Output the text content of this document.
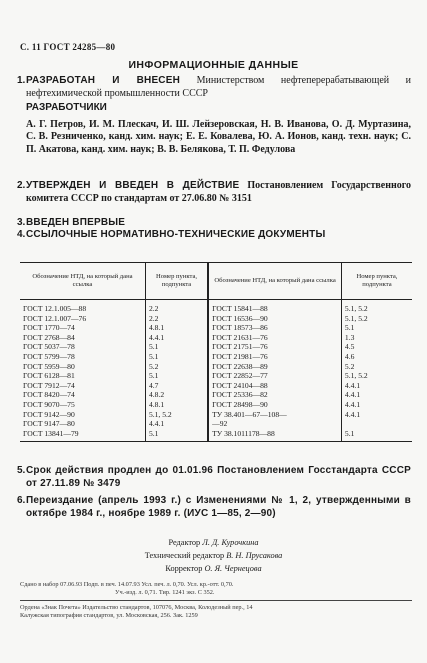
С. 11 ГОСТ 24285—80
ИНФОРМАЦИОННЫЕ ДАННЫЕ
1. РАЗРАБОТАН И ВНЕСЕН Министерством нефтеперерабатывающей и нефтехимической промышленности СССР
РАЗРАБОТЧИКИ
А. Г. Петров, И. М. Плескач, И. Ш. Лейзеровская, Н. В. Иванова, О. Д. Муртазина, С. В. Резниченко, канд. хим. наук; Е. Е. Ковалева, Ю. А. Ионов, канд. техн. наук; С. П. Акатова, канд. хим. наук; В. В. Белякова, Т. П. Федулова
2. УТВЕРЖДЕН И ВВЕДЕН В ДЕЙСТВИЕ Постановлением Государственного комитета СССР по стандартам от 27.06.80 № 3151
3. ВВЕДЕН ВПЕРВЫЕ
4. ССЫЛОЧНЫЕ НОРМАТИВНО-ТЕХНИЧЕСКИЕ ДОКУМЕНТЫ
Обозначение НТД, на который дана ссылка	Номер пункта, подпункта	Обозначение НТД, на который дана ссылка	Номер пункта, подпункта
ГОСТ 12.1.005—88	2.2	ГОСТ 15841—88	5.1, 5.2
ГОСТ 12.1.007—76	2.2	ГОСТ 16536—90	5.1, 5.2
ГОСТ 1770—74	4.8.1	ГОСТ 18573—86	5.1
ГОСТ 2768—84	4.4.1	ГОСТ 21631—76	1.3
ГОСТ 5037—78	5.1	ГОСТ 21751—76	4.5
ГОСТ 5799—78	5.1	ГОСТ 21981—76	4.6
ГОСТ 5959—80	5.2	ГОСТ 22638—89	5.2
ГОСТ 6128—81	5.1	ГОСТ 22852—77	5.1, 5.2
ГОСТ 7912—74	4.7	ГОСТ 24104—88	4.4.1
ГОСТ 8420—74	4.8.2	ГОСТ 25336—82	4.4.1
ГОСТ 9070—75	4.8.1	ГОСТ 28498—90	4.4.1
ГОСТ 9142—90	5.1, 5.2	ТУ 38.401—67—108—	4.4.1
ГОСТ 9147—80	4.4.1	—92	
ГОСТ 13841—79	5.1	ТУ 38.1011178—88	5.1
5. Срок действия продлен до 01.01.96 Постановлением Госстандарта СССР от 27.11.89 № 3479
6. Переиздание (апрель 1993 г.) с Изменениями № 1, 2, утвержденными в октябре 1984 г., ноябре 1989 г. (ИУС 1—85, 2—90)
Редактор Л. Д. Курочкина
Технический редактор В. Н. Прусакова
Корректор О. Я. Чернецова
Сдано в набор 07.06.93 Подп. в печ. 14.07.93 Усл. печ. л. 0,70. Усл. кр.-отт. 0,70.
Уч.-изд. л. 0,71. Тир. 1241 экз. С 352.
Ордена «Знак Почета» Издательство стандартов, 107076, Москва, Колодезный пер., 14
Калужская типография стандартов, ул. Московская, 256. Зак. 1259
